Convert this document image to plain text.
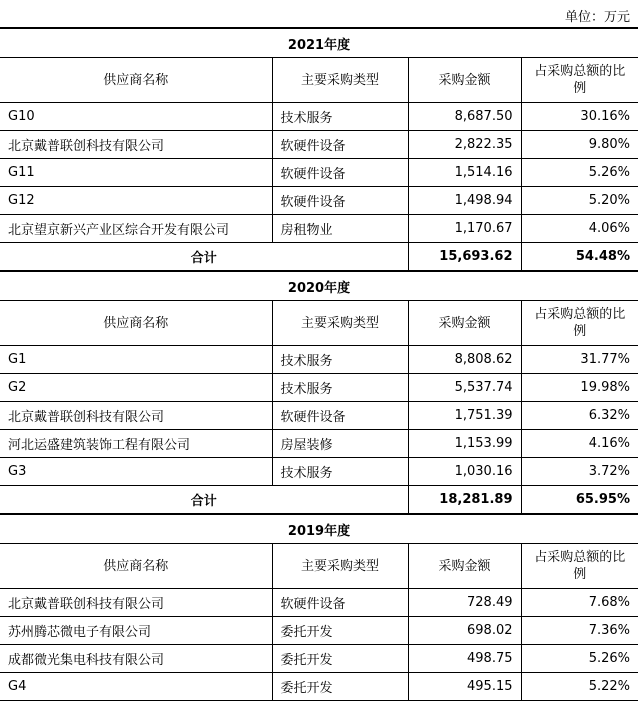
单位：万元
2021年度			
供应商名称	主要采购类型	采购金额	占采购总额的比例
G10	技术服务	8,687.50	30.16%
北京戴普联创科技有限公司	软硬件设备	2,822.35	9.80%
G11	软硬件设备	1,514.16	5.26%
G12	软硬件设备	1,498.94	5.20%
北京望京新兴产业区综合开发有限公司	房租物业	1,170.67	4.06%
合计		15,693.62	54.48%
2020年度			
供应商名称	主要采购类型	采购金额	占采购总额的比例
G1	技术服务	8,808.62	31.77%
G2	技术服务	5,537.74	19.98%
北京戴普联创科技有限公司	软硬件设备	1,751.39	6.32%
河北运盛建筑装饰工程有限公司	房屋装修	1,153.99	4.16%
G3	技术服务	1,030.16	3.72%
合计		18,281.89	65.95%
2019年度			
供应商名称	主要采购类型	采购金额	占采购总额的比例
北京戴普联创科技有限公司	软硬件设备	728.49	7.68%
苏州腾芯微电子有限公司	委托开发	698.02	7.36%
成都微光集电科技有限公司	委托开发	498.75	5.26%
G4	委托开发	495.15	5.22%
